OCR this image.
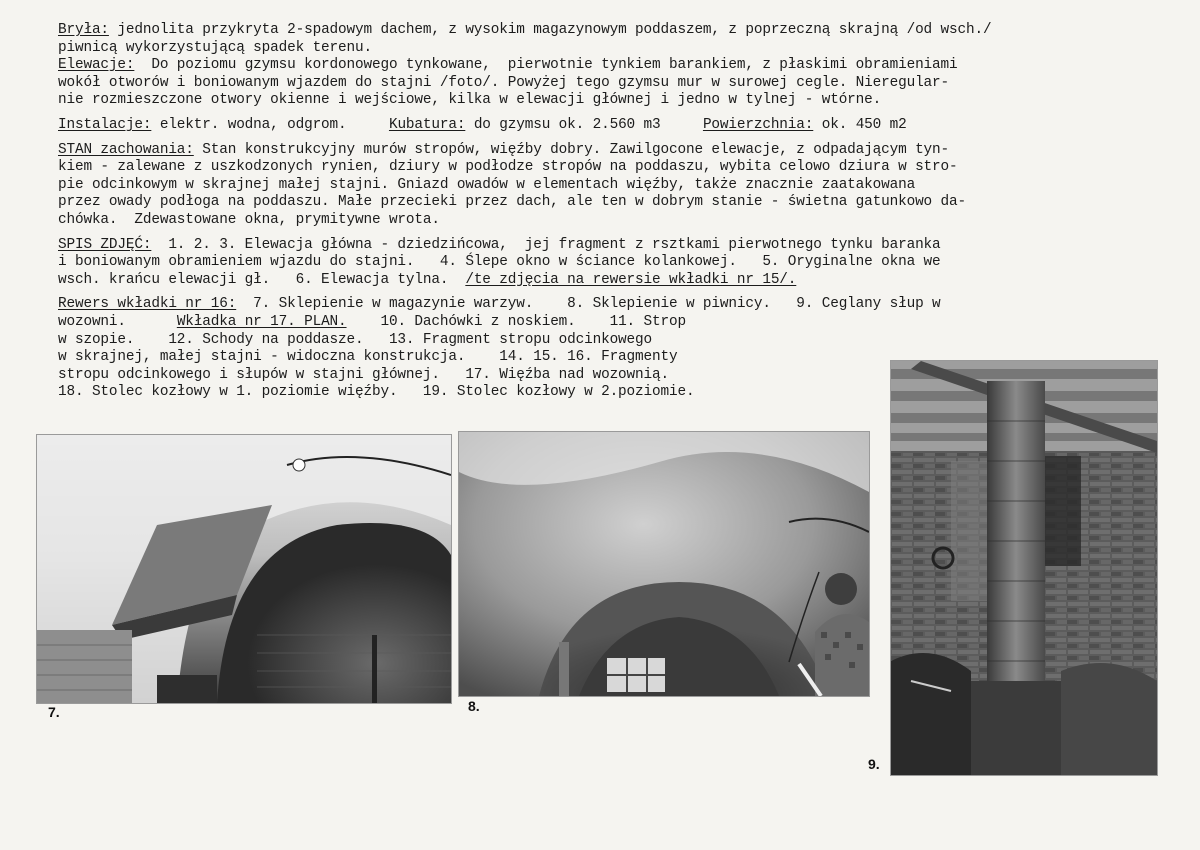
Bryła: jednolita przykryta 2-spadowym dachem, z wysokim magazynowym poddaszem, z poprzeczną skrajną /od wsch./
piwnicą wykorzystującą spadek terenu.
Elewacje:  Do poziomu gzymsu kordonowego tynkowane,  pierwotnie tynkiem barankiem, z płaskimi obramieniami
wokół otworów i boniowanym wjazdem do stajni /foto/. Powyżej tego gzymsu mur w surowej cegle. Nieregular-
nie rozmieszczone otwory okienne i wejściowe, kilka w elewacji głównej i jedno w tylnej - wtórne.
Instalacje: elektr. wodna, odgrom.     Kubatura: do gzymsu ok. 2.560 m3     Powierzchnia: ok. 450 m2
STAN zachowania: Stan konstrukcyjny murów stropów, więźby dobry. Zawilgocone elewacje, z odpadającym tyn-
kiem - zalewane z uszkodzonych rynien, dziury w podłodze stropów na poddaszu, wybita celowo dziura w stro-
pie odcinkowym w skrajnej małej stajni. Gniazd owadów w elementach więźby, także znacznie zaatakowana
przez owady podłoga na poddaszu. Małe przecieki przez dach, ale ten w dobrym stanie - świetna gatunkowo da-
chówka.  Zdewastowane okna, prymitywne wrota.
SPIS ZDJĘĆ:  1. 2. 3. Elewacja główna - dziedzińcowa,  jej fragment z rsztkami pierwotnego tynku baranka
i boniowanym obramieniem wjazdu do stajni.   4. Ślepe okno w ściance kolankowej.   5. Oryginalne okna we
wsch. krańcu elewacji gł.   6. Elewacja tylna.  /te zdjęcia na rewersie wkładki nr 15/.
Rewers wkładki nr 16:  7. Sklepienie w magazynie warzyw.    8. Sklepienie w piwnicy.   9. Ceglany słup w
wozowni.      Wkładka nr 17. PLAN.    10. Dachówki z noskiem.    11. Strop
w szopie.    12. Schody na poddasze.   13. Fragment stropu odcinkowego
w skrajnej, małej stajni - widoczna konstrukcja.    14. 15. 16. Fragmenty
stropu odcinkowego i słupów w stajni głównej.   17. Więźba nad wozownią.
18. Stolec kozłowy w 1. poziomie więźby.   19. Stolec kozłowy w 2.poziomie.
7.	8.
9.
